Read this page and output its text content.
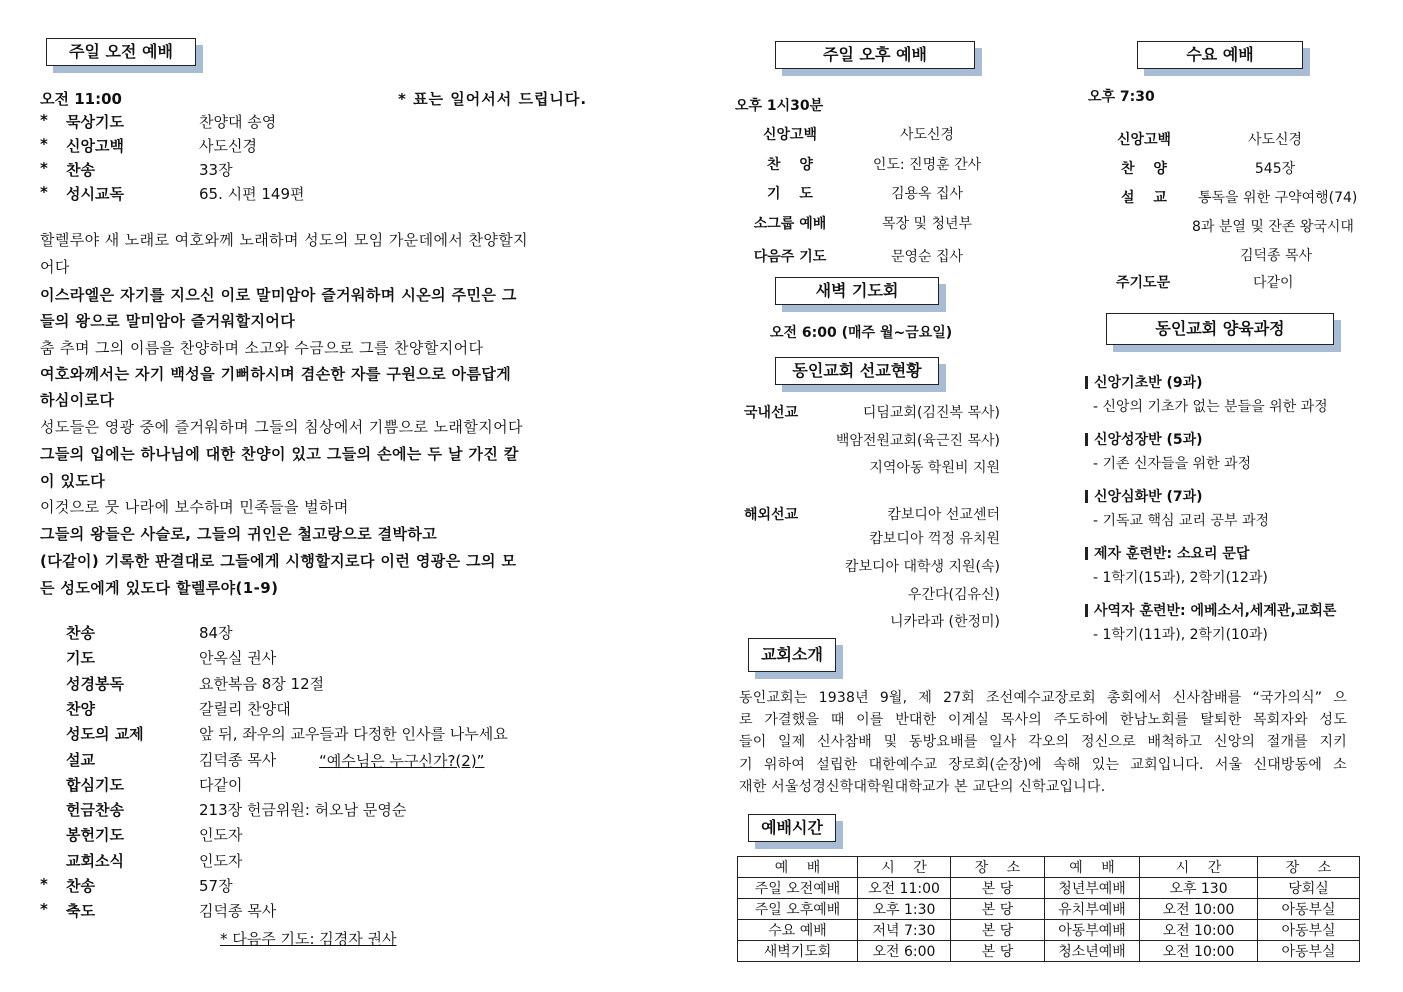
주일 오전 예배
오전 11:00	* 표는 일어서서 드립니다.
* 묵상기도	찬양대 송영
* 신앙고백	사도신경
* 찬송	33장
* 성시교독	65. 시편 149편
할렐루야 새 노래로 여호와께 노래하며 성도의 모임 가운데에서 찬양할지
어다
이스라엘은 자기를 지으신 이로 말미암아 즐거워하며 시온의 주민은 그
들의 왕으로 말미암아 즐거워할지어다
춤 추며 그의 이름을 찬양하며 소고와 수금으로 그를 찬양할지어다
여호와께서는 자기 백성을 기뻐하시며 겸손한 자를 구원으로 아름답게
하심이로다
성도들은 영광 중에 즐거워하며 그들의 침상에서 기쁨으로 노래할지어다
그들의 입에는 하나님에 대한 찬양이 있고 그들의 손에는 두 날 가진 칼
이 있도다
이것으로 뭇 나라에 보수하며 민족들을 벌하며
그들의 왕들은 사슬로, 그들의 귀인은 철고랑으로 결박하고
(다같이) 기록한 판결대로 그들에게 시행할지로다 이런 영광은 그의 모
든 성도에게 있도다 할렐루야(1-9)
찬송	84장
기도	안옥실 권사
성경봉독	요한복음 8장 12절
찬양	갈릴리 찬양대
성도의 교제	앞 뒤, 좌우의 교우들과 다정한 인사를 나누세요
설교	김덕종 목사
합심기도	다같이
헌금찬송	213장 헌금위원: 허오남 문영순
봉헌기도	인도자
교회소식	인도자
* 찬송	57장
* 축도	김덕종 목사
“예수님은 누구신가?(2)”
* 다음주 기도: 김경자 권사
주일 오후 예배
오후 1시30분
신앙고백	사도신경
찬　 양	인도: 진명훈 간사
기　 도	김용옥 집사
소그룹 예배	목장 및 청년부
다음주 기도	문영순 집사
새벽 기도회
오전 6:00 (매주 월~금요일)
동인교회 선교현황
국내선교	디딤교회(김진복 목사)
백암전원교회(육근진 목사)
지역아동 학원비 지원
해외선교	캄보디아 선교센터
캄보디아 꺽정 유치원
캄보디아 대학생 지원(속)
우간다(김유신)
니카라과 (한정미)
수요 예배
오후 7:30
신앙고백	사도신경
찬　 양	545장
설　 교	통독을 위한 구약여행(74)
8과 분열 및 잔존 왕국시대
김덕종 목사
주기도문	다같이
동인교회 양육과정
신앙기초반 (9과)
- 신앙의 기초가 없는 분들을 위한 과정
신앙성장반 (5과)
- 기존 신자들을 위한 과정
신앙심화반 (7과)
- 기독교 핵심 교리 공부 과정
제자 훈련반: 소요리 문답
- 1학기(15과), 2학기(12과)
사역자 훈련반: 에베소서,세계관,교회론
- 1학기(11과), 2학기(10과)
교회소개
동인교회는 1938년 9월, 제 27회 조선예수교장로회 총회에서 신사참배를 “국가의식” 으
로 가결했을 때 이를 반대한 이계실 목사의 주도하에 한남노회를 탈퇴한 목회자와 성도
들이 일제 신사참배 및 동방요배를 일사 각오의 정신으로 배척하고 신앙의 절개를 지키
기 위하여 설립한 대한예수교 장로회(순장)에 속해 있는 교회입니다. 서울 신대방동에 소
재한 서울성경신학대학원대학교가 본 교단의 신학교입니다.
예배시간
예　 배	시　 간	장　 소	예　 배	시　 간	장　 소
주일 오전예배	오전 11:00	본 당	청년부예배	오후 130	당회실
주일 오후예배	오후 1:30	본 당	유치부예배	오전 10:00	아동부실
수요 예배	저녁 7:30	본 당	아동부예배	오전 10:00	아동부실
새벽기도회	오전 6:00	본 당	청소년예배	오전 10:00	아동부실
